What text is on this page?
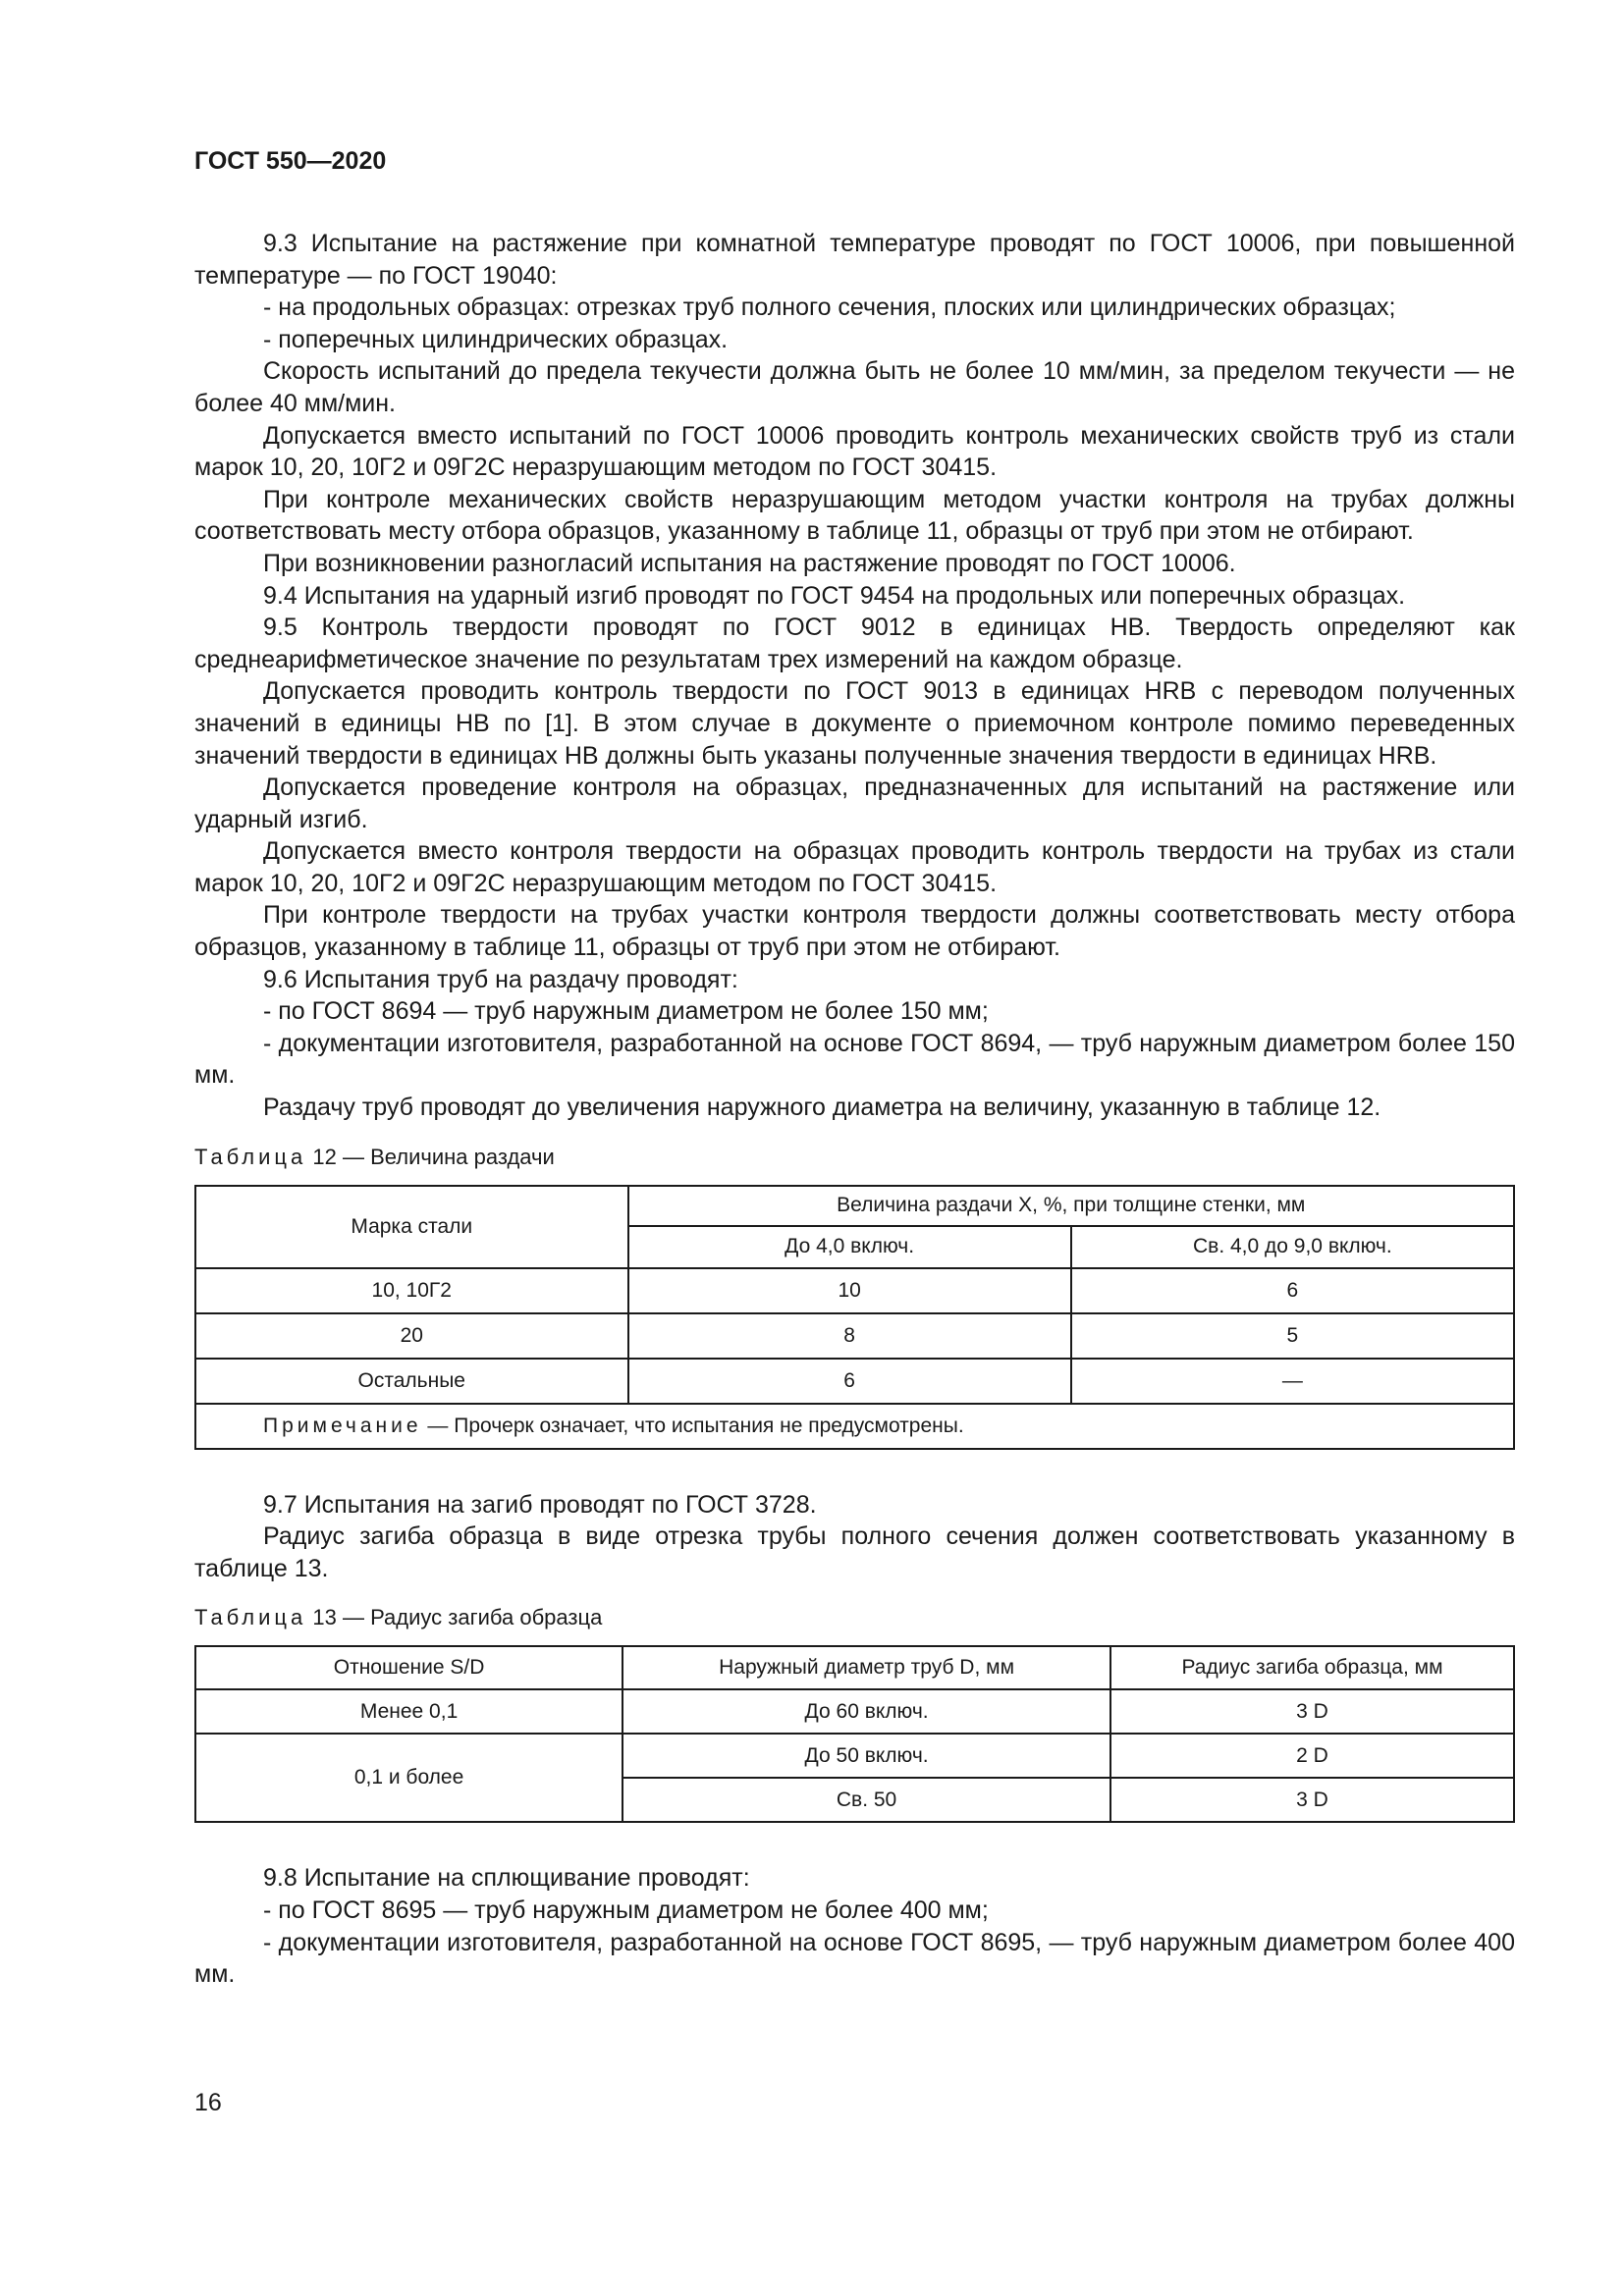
ГОСТ 550—2020

9.3 Испытание на растяжение при комнатной температуре проводят по ГОСТ 10006, при повышенной температуре — по ГОСТ 19040:

- на продольных образцах: отрезках труб полного сечения, плоских или цилиндрических образцах;

- поперечных цилиндрических образцах.

Скорость испытаний до предела текучести должна быть не более 10 мм/мин, за пределом текучести — не более 40 мм/мин.

Допускается вместо испытаний по ГОСТ 10006 проводить контроль механических свойств труб из стали марок 10, 20, 10Г2 и 09Г2С неразрушающим методом по ГОСТ 30415.

При контроле механических свойств неразрушающим методом участки контроля на трубах должны соответствовать месту отбора образцов, указанному в таблице 11, образцы от труб при этом не отбирают.

При возникновении разногласий испытания на растяжение проводят по ГОСТ 10006.

9.4 Испытания на ударный изгиб проводят по ГОСТ 9454 на продольных или поперечных образцах.

9.5 Контроль твердости проводят по ГОСТ 9012 в единицах НВ. Твердость определяют как среднеарифметическое значение по результатам трех измерений на каждом образце.

Допускается проводить контроль твердости по ГОСТ 9013 в единицах HRB с переводом полученных значений в единицы НВ по [1]. В этом случае в документе о приемочном контроле помимо переведенных значений твердости в единицах НВ должны быть указаны полученные значения твердости в единицах HRB.

Допускается проведение контроля на образцах, предназначенных для испытаний на растяжение или ударный изгиб.

Допускается вместо контроля твердости на образцах проводить контроль твердости на трубах из стали марок 10, 20, 10Г2 и 09Г2С неразрушающим методом по ГОСТ 30415.

При контроле твердости на трубах участки контроля твердости должны соответствовать месту отбора образцов, указанному в таблице 11, образцы от труб при этом не отбирают.

9.6 Испытания труб на раздачу проводят:

- по ГОСТ 8694 — труб наружным диаметром не более 150 мм;

- документации изготовителя, разработанной на основе ГОСТ 8694, — труб наружным диаметром более 150 мм.

Раздачу труб проводят до увеличения наружного диаметра на величину, указанную в таблице 12.

Таблица 12 — Величина раздачи
Марка стали	Величина раздачи X, %, при толщине стенки, мм	
	До 4,0 включ.	Св. 4,0 до 9,0 включ.
10, 10Г2	10	6
20	8	5
Остальные	6	—
Примечание — Прочерк означает, что испытания не предусмотрены.		

9.7 Испытания на загиб проводят по ГОСТ 3728.

Радиус загиба образца в виде отрезка трубы полного сечения должен соответствовать указанному в таблице 13.

Таблица 13 — Радиус загиба образца
Отношение S/D	Наружный диаметр труб D, мм	Радиус загиба образца, мм
Менее 0,1	До 60 включ.	3 D
0,1 и более	До 50 включ.	2 D
	Св. 50	3 D

9.8 Испытание на сплющивание проводят:

- по ГОСТ 8695 — труб наружным диаметром не более 400 мм;

- документации изготовителя, разработанной на основе ГОСТ 8695, — труб наружным диаметром более 400 мм.

16
